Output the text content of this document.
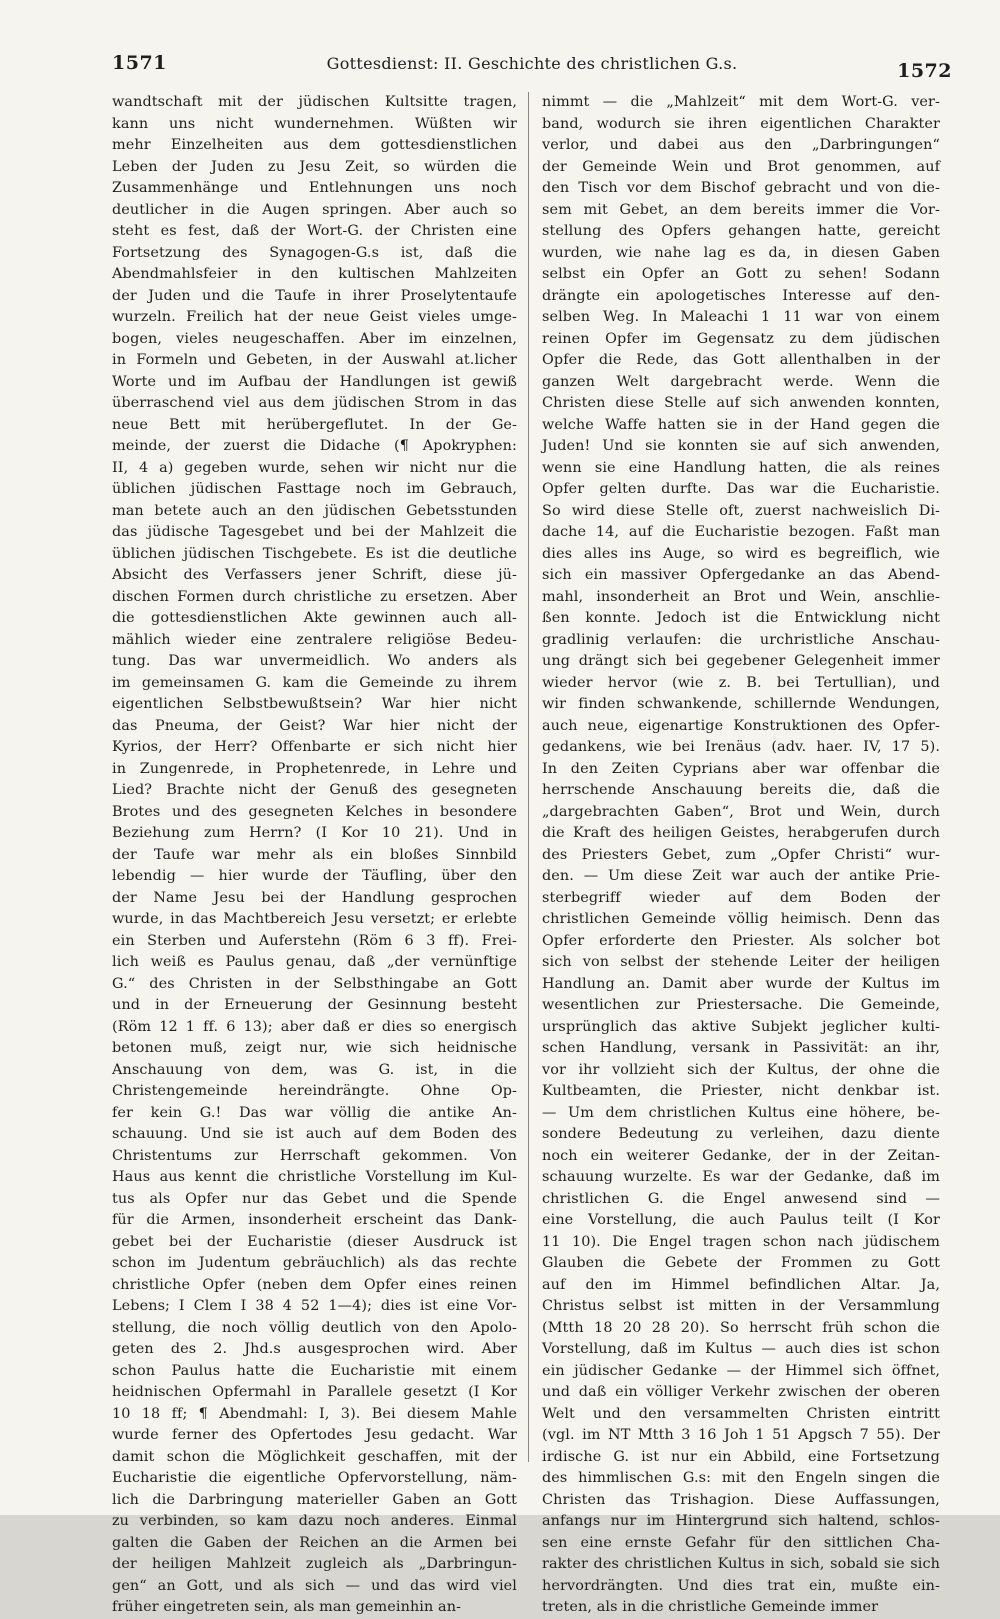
1571	Gottesdienst: II. Geschichte des christlichen G.s.	1572
wandtschaft mit der jüdischen Kultsitte tragen,
kann uns nicht wundernehmen. Wüßten wir
mehr Einzelheiten aus dem gottesdienstlichen
Leben der Juden zu Jesu Zeit, so würden die
Zusammenhänge und Entlehnungen uns noch
deutlicher in die Augen springen. Aber auch so
steht es fest, daß der Wort-G. der Christen eine
Fortsetzung des Synagogen-G.s ist, daß die
Abendmahlsfeier in den kultischen Mahlzeiten
der Juden und die Taufe in ihrer Proselytentaufe
wurzeln. Freilich hat der neue Geist vieles umge-
bogen, vieles neugeschaffen. Aber im einzelnen,
in Formeln und Gebeten, in der Auswahl at.licher
Worte und im Aufbau der Handlungen ist gewiß
überraschend viel aus dem jüdischen Strom in das
neue Bett mit herübergeflutet. In der Ge-
meinde, der zuerst die Didache (¶ Apokryphen:
II, 4 a) gegeben wurde, sehen wir nicht nur die
üblichen jüdischen Fasttage noch im Gebrauch,
man betete auch an den jüdischen Gebetsstunden
das jüdische Tagesgebet und bei der Mahlzeit die
üblichen jüdischen Tischgebete. Es ist die deutliche
Absicht des Verfassers jener Schrift, diese jü-
dischen Formen durch christliche zu ersetzen. Aber
die gottesdienstlichen Akte gewinnen auch all-
mählich wieder eine zentralere religiöse Bedeu-
tung. Das war unvermeidlich. Wo anders als
im gemeinsamen G. kam die Gemeinde zu ihrem
eigentlichen Selbstbewußtsein? War hier nicht
das Pneuma, der Geist? War hier nicht der
Kyrios, der Herr? Offenbarte er sich nicht hier
in Zungenrede, in Prophetenrede, in Lehre und
Lied? Brachte nicht der Genuß des gesegneten
Brotes und des gesegneten Kelches in besondere
Beziehung zum Herrn? (I Kor 10 21). Und in
der Taufe war mehr als ein bloßes Sinnbild
lebendig — hier wurde der Täufling, über den
der Name Jesu bei der Handlung gesprochen
wurde, in das Machtbereich Jesu versetzt; er erlebte
ein Sterben und Auferstehn (Röm 6 3 ff). Frei-
lich weiß es Paulus genau, daß „der vernünftige
G.“ des Christen in der Selbsthingabe an Gott
und in der Erneuerung der Gesinnung besteht
(Röm 12 1 ff. 6 13); aber daß er dies so energisch
betonen muß, zeigt nur, wie sich heidnische
Anschauung von dem, was G. ist, in die
Christengemeinde hereindrängte. Ohne Op-
fer kein G.! Das war völlig die antike An-
schauung. Und sie ist auch auf dem Boden des
Christentums zur Herrschaft gekommen. Von
Haus aus kennt die christliche Vorstellung im Kul-
tus als Opfer nur das Gebet und die Spende
für die Armen, insonderheit erscheint das Dank-
gebet bei der Eucharistie (dieser Ausdruck ist
schon im Judentum gebräuchlich) als das rechte
christliche Opfer (neben dem Opfer eines reinen
Lebens; I Clem I 38 4 52 1—4); dies ist eine Vor-
stellung, die noch völlig deutlich von den Apolo-
geten des 2. Jhd.s ausgesprochen wird. Aber
schon Paulus hatte die Eucharistie mit einem
heidnischen Opfermahl in Parallele gesetzt (I Kor
10 18 ff; ¶ Abendmahl: I, 3). Bei diesem Mahle
wurde ferner des Opfertodes Jesu gedacht. War
damit schon die Möglichkeit geschaffen, mit der
Eucharistie die eigentliche Opfervorstellung, näm-
lich die Darbringung materieller Gaben an Gott
zu verbinden, so kam dazu noch anderes. Einmal
galten die Gaben der Reichen an die Armen bei
der heiligen Mahlzeit zugleich als „Darbringun-
gen“ an Gott, und als sich — und das wird viel
früher eingetreten sein, als man gemeinhin an-
nimmt — die „Mahlzeit“ mit dem Wort-G. ver-
band, wodurch sie ihren eigentlichen Charakter
verlor, und dabei aus den „Darbringungen“
der Gemeinde Wein und Brot genommen, auf
den Tisch vor dem Bischof gebracht und von die-
sem mit Gebet, an dem bereits immer die Vor-
stellung des Opfers gehangen hatte, gereicht
wurden, wie nahe lag es da, in diesen Gaben
selbst ein Opfer an Gott zu sehen! Sodann
drängte ein apologetisches Interesse auf den-
selben Weg. In Maleachi 1 11 war von einem
reinen Opfer im Gegensatz zu dem jüdischen
Opfer die Rede, das Gott allenthalben in der
ganzen Welt dargebracht werde. Wenn die
Christen diese Stelle auf sich anwenden konnten,
welche Waffe hatten sie in der Hand gegen die
Juden! Und sie konnten sie auf sich anwenden,
wenn sie eine Handlung hatten, die als reines
Opfer gelten durfte. Das war die Eucharistie.
So wird diese Stelle oft, zuerst nachweislich Di-
dache 14, auf die Eucharistie bezogen. Faßt man
dies alles ins Auge, so wird es begreiflich, wie
sich ein massiver Opfergedanke an das Abend-
mahl, insonderheit an Brot und Wein, anschlie-
ßen konnte. Jedoch ist die Entwicklung nicht
gradlinig verlaufen: die urchristliche Anschau-
ung drängt sich bei gegebener Gelegenheit immer
wieder hervor (wie z. B. bei Tertullian), und
wir finden schwankende, schillernde Wendungen,
auch neue, eigenartige Konstruktionen des Opfer-
gedankens, wie bei Irenäus (adv. haer. IV, 17 5).
In den Zeiten Cyprians aber war offenbar die
herrschende Anschauung bereits die, daß die
„dargebrachten Gaben“, Brot und Wein, durch
die Kraft des heiligen Geistes, herabgerufen durch
des Priesters Gebet, zum „Opfer Christi“ wur-
den. — Um diese Zeit war auch der antike Prie-
sterbegriff wieder auf dem Boden der
christlichen Gemeinde völlig heimisch. Denn das
Opfer erforderte den Priester. Als solcher bot
sich von selbst der stehende Leiter der heiligen
Handlung an. Damit aber wurde der Kultus im
wesentlichen zur Priestersache. Die Gemeinde,
ursprünglich das aktive Subjekt jeglicher kulti-
schen Handlung, versank in Passivität: an ihr,
vor ihr vollzieht sich der Kultus, der ohne die
Kultbeamten, die Priester, nicht denkbar ist.
— Um dem christlichen Kultus eine höhere, be-
sondere Bedeutung zu verleihen, dazu diente
noch ein weiterer Gedanke, der in der Zeitan-
schauung wurzelte. Es war der Gedanke, daß im
christlichen G. die Engel anwesend sind —
eine Vorstellung, die auch Paulus teilt (I Kor
11 10). Die Engel tragen schon nach jüdischem
Glauben die Gebete der Frommen zu Gott
auf den im Himmel befindlichen Altar. Ja,
Christus selbst ist mitten in der Versammlung
(Mtth 18 20 28 20). So herrscht früh schon die
Vorstellung, daß im Kultus — auch dies ist schon
ein jüdischer Gedanke — der Himmel sich öffnet,
und daß ein völliger Verkehr zwischen der oberen
Welt und den versammelten Christen eintritt
(vgl. im NT Mtth 3 16 Joh 1 51 Apgsch 7 55). Der
irdische G. ist nur ein Abbild, eine Fortsetzung
des himmlischen G.s: mit den Engeln singen die
Christen das Trishagion. Diese Auffassungen,
anfangs nur im Hintergrund sich haltend, schlos-
sen eine ernste Gefahr für den sittlichen Cha-
rakter des christlichen Kultus in sich, sobald sie sich
hervordrängten. Und dies trat ein, mußte ein-
treten, als in die christliche Gemeinde immer
